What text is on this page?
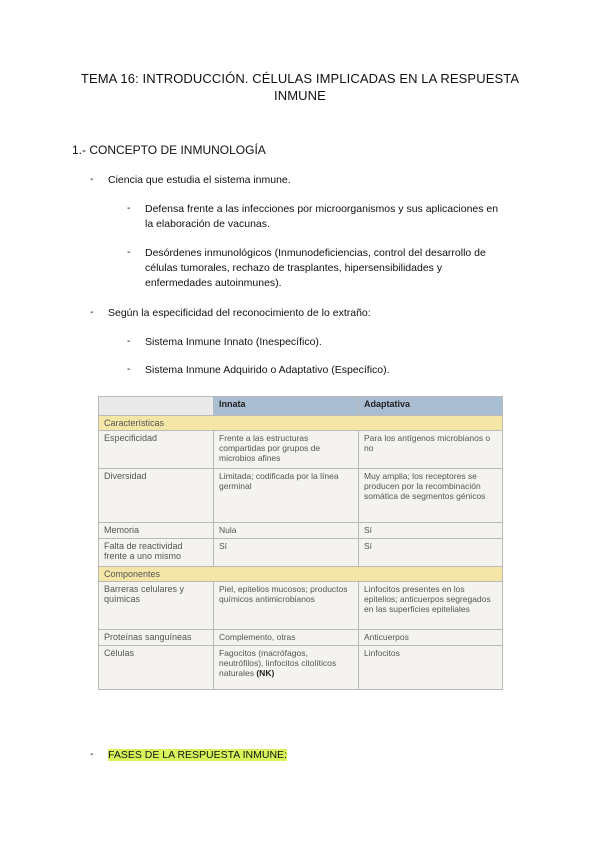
TEMA 16: INTRODUCCIÓN. CÉLULAS IMPLICADAS EN LA RESPUESTA
INMUNE
1.- CONCEPTO DE INMUNOLOGÍA
- Ciencia que estudia el sistema inmune.
- Defensa frente a las infecciones por microorganismos y sus aplicaciones en
la elaboración de vacunas.
- Desórdenes inmunológicos (Inmunodeficiencias, control del desarrollo de
células tumorales, rechazo de trasplantes, hipersensibilidades y
enfermedades autoinmunes).
- Según la especificidad del reconocimiento de lo extraño:
- Sistema Inmune Innato (Inespecífico).
- Sistema Inmune Adquirido o Adaptativo (Específico).
	Innata	Adaptativa
Características		
Especificidad	Frente a las estructuras compartidas por grupos de microbios afines	Para los antígenos microbianos o no
Diversidad	Limitada; codificada por la línea germinal	Muy amplia; los receptores se producen por la recombinación somática de segmentos génicos
Memoria	Nula	Sí
Falta de reactividad frente a uno mismo	Sí	Sí
Componentes		
Barreras celulares y químicas	Piel, epitelios mucosos; productos químicos antimicrobianos	Linfocitos presentes en los epitelios; anticuerpos segregados en las superficies epiteliales
Proteínas sanguíneas	Complemento, otras	Anticuerpos
Células	Fagocitos (macrófagos, neutrófilos), linfocitos citolíticos naturales (NK)	Linfocitos
- FASES DE LA RESPUESTA INMUNE:
